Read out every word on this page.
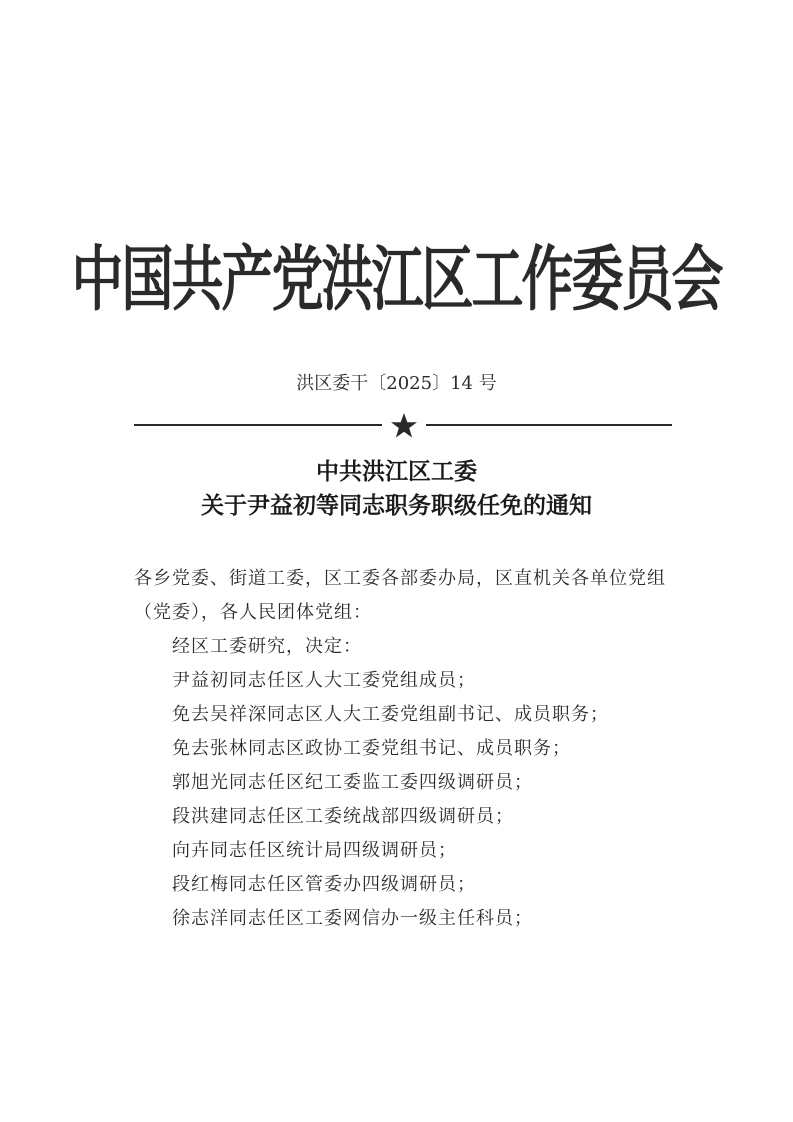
中国共产党洪江区工作委员会
洪区委干〔2025〕14 号
中共洪江区工委
关于尹益初等同志职务职级任免的通知
各乡党委、街道工委，区工委各部委办局，区直机关各单位党组
（党委），各人民团体党组：
经区工委研究，决定：
尹益初同志任区人大工委党组成员；
免去吴祥深同志区人大工委党组副书记、成员职务；
免去张林同志区政协工委党组书记、成员职务；
郭旭光同志任区纪工委监工委四级调研员；
段洪建同志任区工委统战部四级调研员；
向卉同志任区统计局四级调研员；
段红梅同志任区管委办四级调研员；
徐志洋同志任区工委网信办一级主任科员；
